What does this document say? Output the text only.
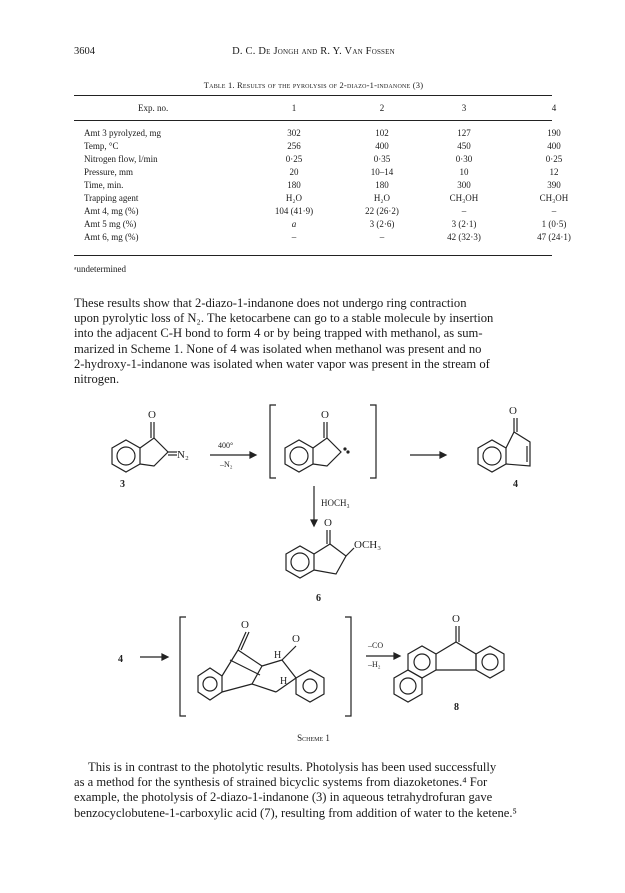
3604	D. C. De Jongh and R. Y. Van Fossen
Table 1. Results of the pyrolysis of 2-diazo-1-indanone (3)
Exp. no.	1	2	3	4
Amt 3 pyrolyzed, mg	302	102	127	190
Temp, °C	256	400	450	400
Nitrogen flow, l/min	0·25	0·35	0·30	0·25
Pressure, mm	20	10–14	10	12
Time, min.	180	180	300	390
Trapping agent	H₂O	H₂O	CH₃OH	CH₃OH
Amt 4, mg (%)	104 (41·9)	22 (26·2)	–	–
Amt 5 mg (%)	a	3 (2·6)	3 (2·1)	1 (0·5)
Amt 6, mg (%)	–	–	42 (32·3)	47 (24·1)
ᵃundetermined
These results show that 2-diazo-1-indanone does not undergo ring contraction
upon pyrolytic loss of N₂. The ketocarbene can go to a stable molecule by insertion
into the adjacent C-H bond to form 4 or by being trapped with methanol, as sum-
marized in Scheme 1. None of 4 was isolated when methanol was present and no
2-hydroxy-1-indanone was isolated when water vapor was present in the stream of
nitrogen.
O
N₂
3
400°
–N₂
O	O
4
HOCH₃
O
OCH₃
6
4
O
O
H
H
–CO
–H₂
O
8
Scheme 1
This is in contrast to the photolytic results. Photolysis has been used successfully
as a method for the synthesis of strained bicyclic systems from diazoketones.⁴ For
example, the photolysis of 2-diazo-1-indanone (3) in aqueous tetrahydrofuran gave
benzocyclobutene-1-carboxylic acid (7), resulting from addition of water to the ketene.⁵
